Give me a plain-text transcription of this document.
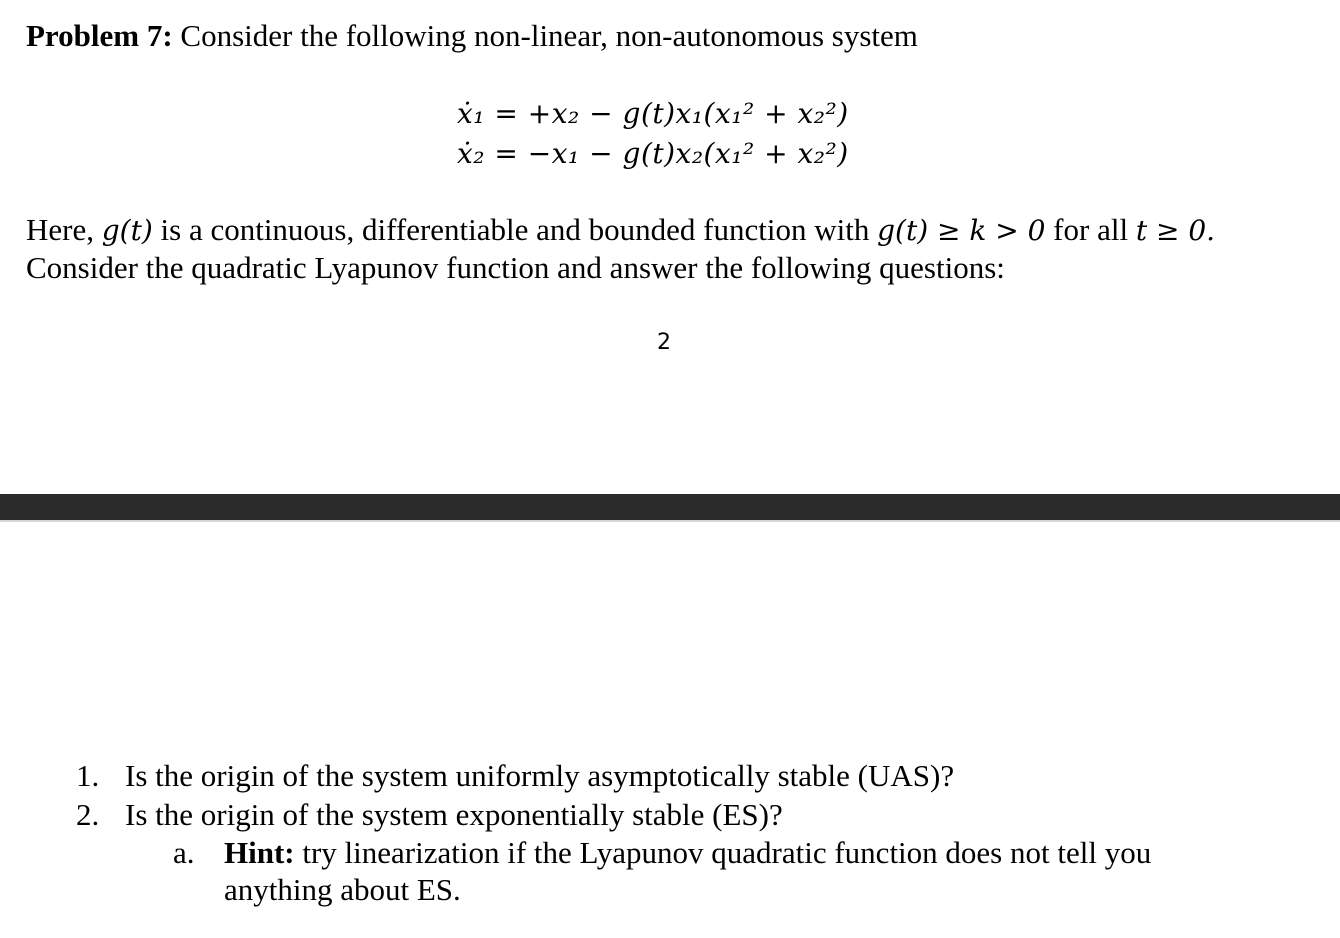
Problem 7: Consider the following non-linear, non-autonomous system
ẋ₁ = +x₂ − g(t)x₁(x₁² + x₂²)
ẋ₂ = −x₁ − g(t)x₂(x₁² + x₂²)
Here, g(t) is a continuous, differentiable and bounded function with g(t) ≥ k > 0 for all t ≥ 0.
Consider the quadratic Lyapunov function and answer the following questions:
2
1. Is the origin of the system uniformly asymptotically stable (UAS)?
2. Is the origin of the system exponentially stable (ES)?
a. Hint: try linearization if the Lyapunov quadratic function does not tell you
anything about ES.
